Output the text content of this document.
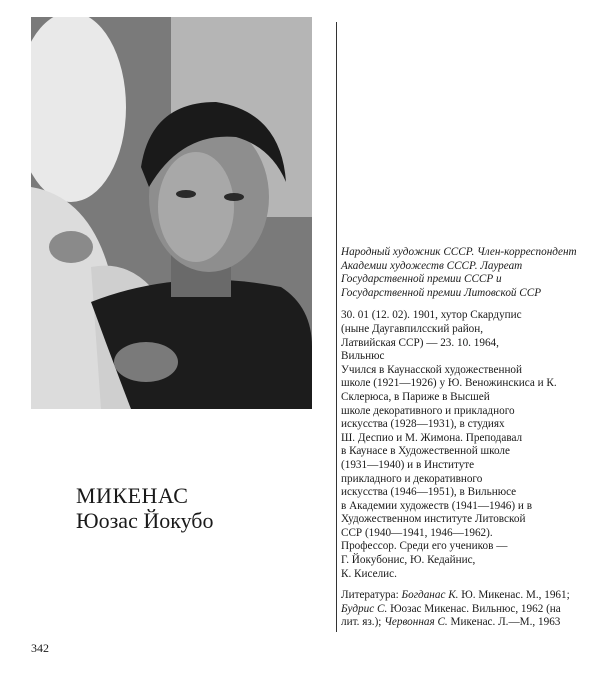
МИКЕНАС
Юозас Йокубо

Народный художник СССР. Член-корреспондент Академии художеств СССР. Лауреат Государственной премии СССР и Государственной премии Литовской ССР

30. 01 (12. 02). 1901, хутор Скардупис

(ныне Даугавпилсский район,

Латвийская ССР) — 23. 10. 1964,

Вильнюс

Учился в Каунасской художественной

школе (1921—1926) у Ю. Веножинскиса и К. Склерюса, в Париже в Высшей

школе декоративного и прикладного

искусства (1928—1931), в студиях

Ш. Деспио и М. Жимона. Преподавал

в Каунасе в Художественной школе

(1931—1940) и в Институте

прикладного и декоративного

искусства (1946—1951), в Вильнюсе

в Академии художеств (1941—1946) и в

Художественном институте Литовской

ССР (1940—1941, 1946—1962).

Профессор. Среди его учеников —

Г. Йокубонис, Ю. Кедайнис,

К. Киселис.

Литература: Богданас К. Ю. Микенас. М., 1961; Будрис С. Юозас Микенас. Вильнюс, 1962 (на лит. яз.); Червонная С. Микенас. Л.—М., 1963

342
